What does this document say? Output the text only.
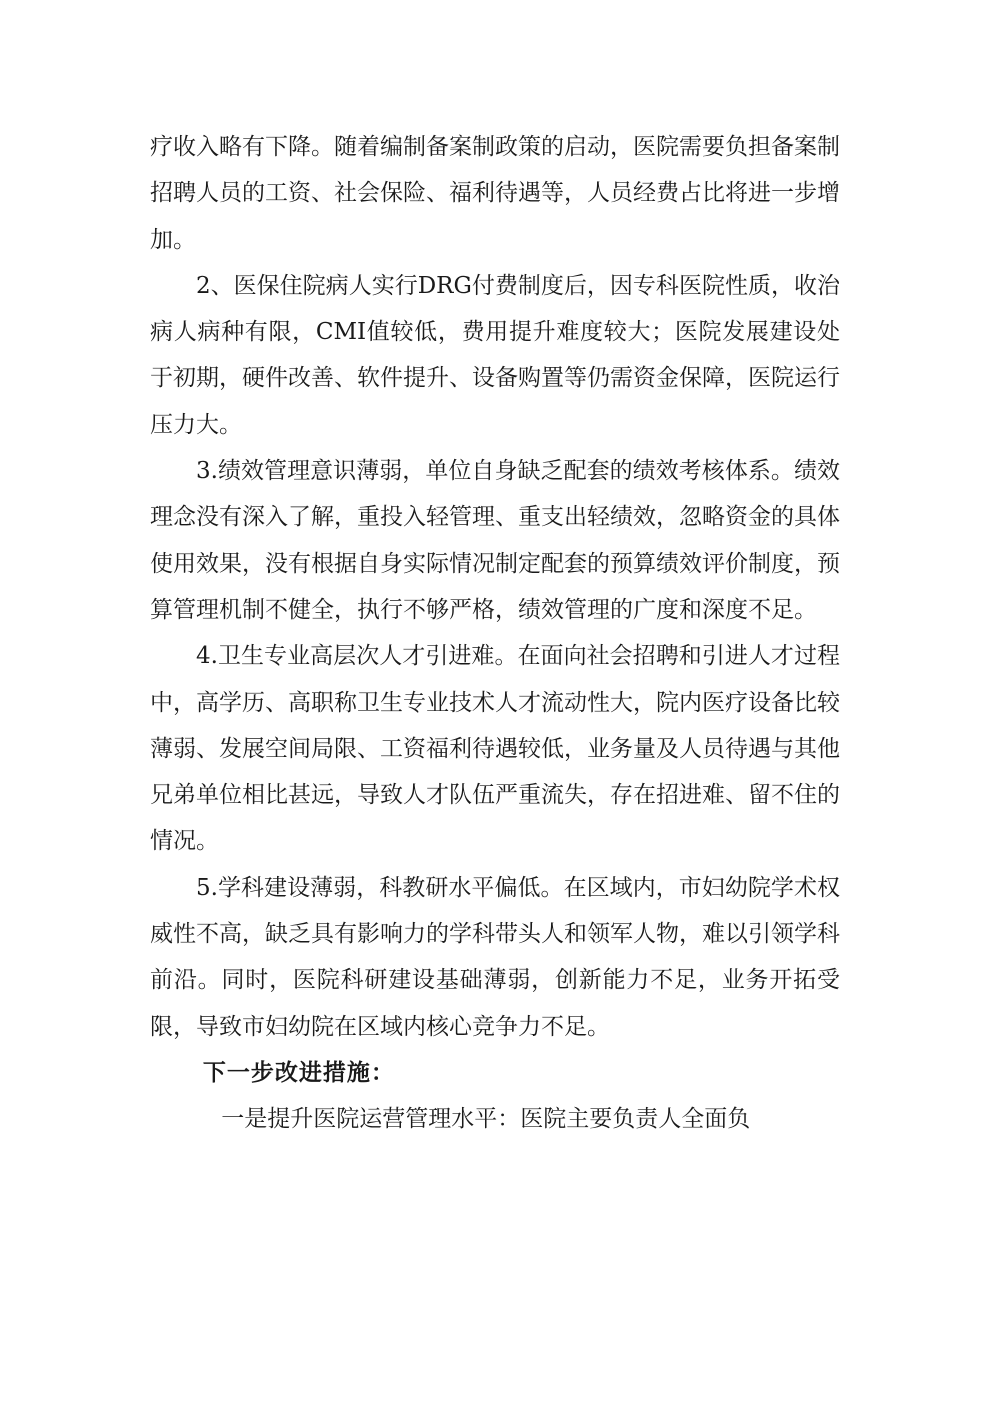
疗收入略有下降。随着编制备案制政策的启动，医院需要负担备案制招聘人员的工资、社会保险、福利待遇等，人员经费占比将进一步增加。

2、医保住院病人实行DRG付费制度后，因专科医院性质，收治病人病种有限，CMI值较低，费用提升难度较大；医院发展建设处于初期，硬件改善、软件提升、设备购置等仍需资金保障，医院运行压力大。

3.绩效管理意识薄弱，单位自身缺乏配套的绩效考核体系。绩效理念没有深入了解，重投入轻管理、重支出轻绩效，忽略资金的具体使用效果，没有根据自身实际情况制定配套的预算绩效评价制度，预算管理机制不健全，执行不够严格，绩效管理的广度和深度不足。

4.卫生专业高层次人才引进难。在面向社会招聘和引进人才过程中，高学历、高职称卫生专业技术人才流动性大，院内医疗设备比较薄弱、发展空间局限、工资福利待遇较低，业务量及人员待遇与其他兄弟单位相比甚远，导致人才队伍严重流失，存在招进难、留不住的情况。

5.学科建设薄弱，科教研水平偏低。在区域内，市妇幼院学术权威性不高，缺乏具有影响力的学科带头人和领军人物，难以引领学科前沿。同时，医院科研建设基础薄弱，创新能力不足，业务开拓受限，导致市妇幼院在区域内核心竞争力不足。

下一步改进措施：

一是提升医院运营管理水平：医院主要负责人全面负
